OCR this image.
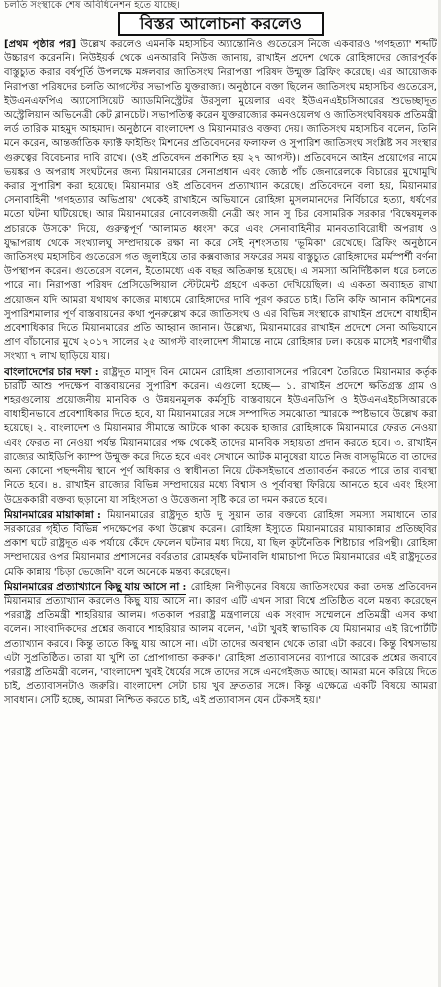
চলতি সংস্থাকে শেষ অবিধিনেশন হতে যাচ্ছে।
বিস্তর আলোচনা করলেও

[প্রথম পৃষ্ঠার পর] উল্লেখ করলেও এমনকি মহাসচিব অ্যান্তোনিও গুতেরেস নিজে একবারও 'গণহত্যা' শব্দটি উচ্চারণ করেননি। নিউইয়র্ক থেকে এনআরবি নিউজ জানায়, রাখাইন প্রদেশ থেকে রোহিঙ্গাদের জোরপূর্বক বাস্তুচ্যুত করার বর্ষপূর্তি উপলক্ষে মঙ্গলবার জাতিসংঘ নিরাপত্তা পরিষদ উন্মুক্ত ব্রিফিং করেছে। এর আয়োজক নিরাপত্তা পরিষদের চলতি আগস্টের সভাপতি যুক্তরাজ্য। অনুষ্ঠানে বক্তা ছিলেন জাতিসংঘ মহাসচিব গুতেরেস, ইউএনএফপিএ অ্যাসোসিয়েট অ্যাডমিনিস্ট্রেটর উরসুলা মুয়েলার এবং ইউএনএইচসিআরের শুভেচ্ছাদূত অস্ট্রেলিয়ান অভিনেত্রী কেট ব্লানচেট। সভাপতিত্ব করেন যুক্তরাজ্যের কমনওয়েলথ ও জাতিসংঘবিষয়ক প্রতিমন্ত্রী লর্ড তারিক মাহমুদ আহমাদ। অনুষ্ঠানে বাংলাদেশ ও মিয়ানমারও বক্তব্য দেয়। জাতিসংঘ মহাসচিব বলেন, তিনি মনে করেন, আন্তর্জাতিক ফ্যাক্ট ফাইন্ডিং মিশনের প্রতিবেদনের ফলাফল ও সুপারিশ জাতিসংঘ সংশ্লিষ্ট সব সংস্থার গুরুত্বের বিবেচনার দাবি রাখে। (ওই প্রতিবেদন প্রকাশিত হয় ২৭ আগস্ট)। প্রতিবেদনে আইন প্রয়োগের নামে ভয়ঙ্কর ও অপরাধ সংঘটনের জন্য মিয়ানমারের সেনাপ্রধান এবং জ্যেষ্ঠ পাঁচ জেনারেলকে বিচারের মুখোমুখি করার সুপারিশ করা হয়েছে। মিয়ানমার ওই প্রতিবেদন প্রত্যাখ্যান করেছে। প্রতিবেদনে বলা হয়, মিয়ানমার সেনাবাহিনী 'গণহত্যার অভিপ্রায়' থেকেই রাখাইনে অভিযানে রোহিঙ্গা মুসলমানদের নির্বিচারে হত্যা, ধর্ষণের মতো ঘটনা ঘটিয়েছে। আর মিয়ানমারের নোবেলজয়ী নেত্রী অং সান সু চির বেসামরিক সরকার 'বিদ্বেষমূলক প্রচারকে উসকে' দিয়ে, গুরুত্বপূর্ণ 'আলামত ধ্বংস' করে এবং সেনাবাহিনীর মানবতাবিরোধী অপরাধ ও যুদ্ধাপরাধ থেকে সংখ্যালঘু সম্প্রদায়কে রক্ষা না করে সেই নৃশংসতায় 'ভূমিকা' রেখেছে। ব্রিফিং অনুষ্ঠানে জাতিসংঘ মহাসচিব গুতেরেস গত জুলাইয়ে তার কক্সবাজার সফরের সময় বাস্তুচ্যুত রোহিঙ্গাদের মর্মস্পর্শী বর্ণনা উপস্থাপন করেন। গুতেরেস বলেন, ইতোমধ্যে এক বছর অতিক্রান্ত হয়েছে। এ সমস্যা অনির্দিষ্টকাল ধরে চলতে পারে না। নিরাপত্তা পরিষদ প্রেসিডেন্সিয়াল স্টেটমেন্ট গ্রহণে একতা দেখিয়েছিল। এ একতা অব্যাহত রাখা প্রয়োজন যদি আমরা যথাযথ কাজের মাধ্যমে রোহিঙ্গাদের দাবি পূরণ করতে চাই। তিনি কফি আনান কমিশনের সুপারিশমালার পূর্ণ বাস্তবায়নের কথা পুনরুল্লেখ করে জাতিসংঘ ও এর বিভিন্ন সংস্থাকে রাখাইন প্রদেশে বাধাহীন প্রবেশাধিকার দিতে মিয়ানমারের প্রতি আহ্বান জানান। উল্লেখ্য, মিয়ানমারের রাখাইন প্রদেশে সেনা অভিযানে প্রাণ বাঁচানোর মুখে ২০১৭ সালের ২৫ আগস্ট বাংলাদেশ সীমান্তে নামে রোহিঙ্গার ঢল। কয়েক মাসেই শরণার্থীর সংখ্যা ৭ লাখ ছাড়িয়ে যায়।

বাংলাদেশের চার দফা : রাষ্ট্রদূত মাসুদ বিন মোমেন রোহিঙ্গা প্রত্যাবাসনের পরিবেশ তৈরিতে মিয়ানমার কর্তৃক চারটি আশু পদক্ষেপ বাস্তবায়নের সুপারিশ করেন। এগুলো হচ্ছে— ১. রাখাইন প্রদেশে ক্ষতিগ্রস্ত গ্রাম ও শহরগুলোয় প্রয়োজনীয় মানবিক ও উন্নয়নমূলক কর্মসূচি বাস্তবায়নে ইউএনডিপি ও ইউএনএইচসিআরকে বাধাহীনভাবে প্রবেশাধিকার দিতে হবে, যা মিয়ানমারের সঙ্গে সম্পাদিত সমঝোতা স্মারকে স্পষ্টভাবে উল্লেখ করা হয়েছে। ২. বাংলাদেশ ও মিয়ানমার সীমান্তে আটকে থাকা কয়েক হাজার রোহিঙ্গাকে মিয়ানমারে ফেরত নেওয়া এবং ফেরত না নেওয়া পর্যন্ত মিয়ানমারের পক্ষ থেকেই তাদের মানবিক সহায়তা প্রদান করতে হবে। ৩. রাখাইন রাজ্যের আইডিপি ক্যাম্প উন্মুক্ত করে দিতে হবে এবং সেখানে আটক মানুষেরা যাতে নিজ বাসভূমিতে বা তাদের অন্য কোনো পছন্দনীয় স্থানে পূর্ণ অধিকার ও স্বাধীনতা নিয়ে টেকসইভাবে প্রত্যাবর্তন করতে পারে তার ব্যবস্থা নিতে হবে। ৪. রাখাইন রাজ্যের বিভিন্ন সম্প্রদায়ের মধ্যে বিশ্বাস ও পূর্বাবস্থা ফিরিয়ে আনতে হবে এবং হিংসা উদ্রেককারী বক্তব্য ছড়ানো যা সহিংসতা ও উত্তেজনা সৃষ্টি করে তা দমন করতে হবে।

মিয়ানমারের মায়াকান্না : মিয়ানমারের রাষ্ট্রদূত হাউ দু সুয়ান তার বক্তব্যে রোহিঙ্গা সমস্যা সমাধানে তার সরকারের গৃহীত বিভিন্ন পদক্ষেপের কথা উল্লেখ করেন। রোহিঙ্গা ইস্যুতে মিয়ানমারের মায়াকান্নার প্রতিচ্ছবির প্রকাশ ঘটে রাষ্ট্রদূত এক পর্যায়ে কেঁদে ফেলেন ঘটনার মধ্য দিয়ে, যা ছিল কূটনৈতিক শিষ্টাচার পরিপন্থী। রোহিঙ্গা সম্প্রদায়ের ওপর মিয়ানমার প্রশাসনের বর্বরতার রোমহর্ষক ঘটনাবলি ধামাচাপা দিতে মিয়ানমারের এই রাষ্ট্রদূতের মেকি কান্নায় 'চিড়া ভেজেনি' বলে অনেকে মন্তব্য করেছেন।

মিয়ানমারের প্রত্যাখ্যানে কিছু যায় আসে না : রোহিঙ্গা নিপীড়নের বিষয়ে জাতিসংঘের করা তদন্ত প্রতিবেদন মিয়ানমার প্রত্যাখ্যান করলেও কিছু যায় আসে না। কারণ এটি এখন সারা বিশ্বে প্রতিষ্ঠিত বলে মন্তব্য করেছেন পররাষ্ট্র প্রতিমন্ত্রী শাহরিয়ার আলম। গতকাল পররাষ্ট্র মন্ত্রণালয়ে এক সংবাদ সম্মেলনে প্রতিমন্ত্রী এসব কথা বলেন। সাংবাদিকদের প্রশ্নের জবাবে শাহরিয়ার আলম বলেন, 'এটা খুবই স্বাভাবিক যে মিয়ানমার এই রিপোর্টটি প্রত্যাখ্যান করবে। কিন্তু তাতে কিছু যায় আসে না। এটা তাদের অবস্থান থেকে তারা এটা করবে। কিন্তু বিশ্বসভায় এটা সুপ্রতিষ্ঠিত। তারা যা খুশি তা প্রোপাগান্ডা করুক।' রোহিঙ্গা প্রত্যাবাসনের ব্যাপারে আরেক প্রশ্নের জবাবে পররাষ্ট্র প্রতিমন্ত্রী বলেন, 'বাংলাদেশ খুবই ধৈর্যের সঙ্গে তাদের সঙ্গে এনগেইজড আছে। আমরা মনে করিয়ে দিতে চাই, প্রত্যাবাসনটাও জরুরি। বাংলাদেশ সেটা চায় খুব দ্রুততার সঙ্গে। কিন্তু এক্ষেত্রে একটি বিষয়ে আমরা সাবধান। সেটি হচ্ছে, আমরা নিশ্চিত করতে চাই, এই প্রত্যাবাসন যেন টেকসই হয়।'
